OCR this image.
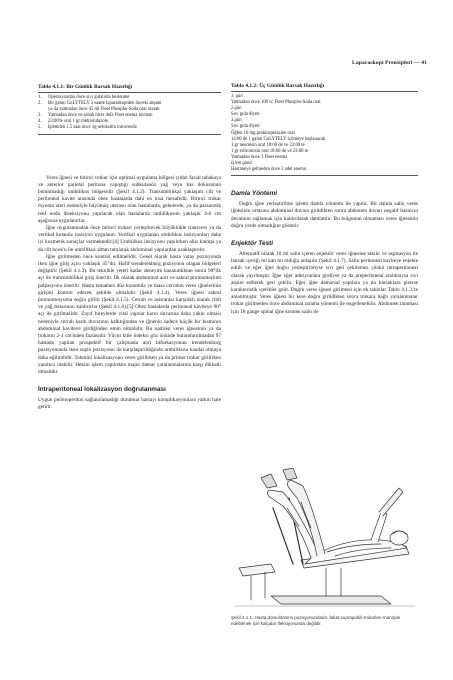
Laparaskopi Prensipleri — 41
Tablo 4.1.1: Bir Günlük Barsak Hazırlığı
1.	Operasyondan önce sıvı gıdalarla beslenme
2.	Bir galon GoLYTELY 3 saatte laparaskopiden önceki akşam
ya da yatmadan önce 45 ml Fleet Phospho-Soda oral olarak
3.	Yatmadan önce ve sabah birer defa Fleet enema lavman
4.	23:00'te oral 1 gr metronidazole
5.	İşlemden 1.5 saat önce 1g sefoksitin intravenöz

Veres iğnesi ve birinci trokar için optimal uygulama bölgesi çıldın fasial tabakaya ve anterior parietal peritona yapıştığı subkutanöz yağ veya kas dokusunun bulunmadığı umbilikus bölgesidir (Şekil 4.1.2). Transumbilikal yaklaşım cilt ve peritoneal kavite arasında obez hastalarda dahi en kısa mesafedir. Birinci trokar myoma uteri nedeniyle büyümüş uterusu olan hastalarda, gebelerde, ya da paraaortik lenf nodu diseksiyonu yapılacak olan hastalarda umbilikusun yaklaşık 4-6 cm aşağısına uygulanırlar.

İğne uygulanmadan önce birinci trokarı yerleştirecek büyüklükte transvers ya da vertikal kutanöz insizyon uygulanır. Vertikal uygulanan umbilikus insizyonları daha iyi kozmetik sonuçlar vermektedir.[4] Umbilikus insizyonu yapılırken allis klempi ya da cilt hook'u ile umbilikus alttan tutularak abdominal yapılardan uzaklaştırılır.

İğne girilmeden önce kontrol edilmelidir. Genel olarak hasta yatay pozisyonda iken iğne giriş açısı yaklaşık 45°dir. Hafif trendelenburg pozisyonu olagan bölgeleri değiştirir (Şekil 4.1.3). Bu teknikle yeteri kadar deneyim kazanıldıktan sonra 90°lik açı ile transumbilikal giriş önerilir. İlk olarak abdominal aort ve sakral promontorium palpasyonu önerilir. Hasta tamamen düz konumda ve masa cerrahın veres iğnelerinin girişini kontrol edecek şekilde olmalıdır (Şekil 4.1.4). Veres iğnesi sakral promontoryuma doğru girilir (Şekil 4.1.5). Cerrah ve asistanlar karşılıklı olarak cildi ve yağ dokusunu kaldırırlar (Şekil 4.1.6).[5] Obez hastalarda peritoneal kaviteye 90° açı ile girilmelidir. Zayıf bireylerde vital yapılar karın duvarına daha yakın olması nedeniyle cerrah karın duvarının kalktığından ve iğnenin sadece küçük bir kısmının abdominal kaviteye girdiğinden emin olmalıdır. Bu nadiren veres iğnesinin ya da trokarın 2-3 cm'inden fazlasıdır. Vücut kitle indeksi göz önünde bulundurulmadan 97 hastada yapılan prospektif bir çalışmada aort bifurkasyonun trendelenburg pozisyonunda iken supin pozisyonu ile karşılaştırıldığında umbilikusa kaudal olmaya daha eğilimlidir. Tahmini lokalizasyonu veres girilirken ya da primer trokar girilirken yanıltıcı olabilir. Hekim işlem yapılırken major damar yaralanmalarına karşı dikkatli olmalıdır.

İntraperitoneal lokalizasyon doğrulanması

Uygun pnömoperiton sağlanılamadığı durumlar hastayı komplikasyonlara yatkın hale getirir.

Tablo 4.1.2: Üç Günlük Barsak Hazırlığı
1. gün
Yatmadan önce 100 cc Fleet Phospho-Soda oral
2.gün
Sıvı gıda diyeti
3.gün
Sıvı gıda diyeti
Öğlen 10 mg.proklorperazine oral
14:00 de 1 galon GoLYTELY içilmeye başlanacak
1 gr neomisin oral 18:00 de ve 23:00 te
1 gr eritromisin oral 18:00 de ve 23:00 te
Yatmadan önce 1 Fleet enema
İşlem günü
Hastaneye gelmeden önce 2 adet enema
Damla Yöntemi

Doğru iğne yerleştirilme işlemi damla yöntemi ile yapılır. Bir damla salin veres iğnesinin ortasına abdominal duvara girildikten sonra abdomen duvarı negatif basıncın devamını sağlamak için kaldırılarak damlatılır. Bu bulgunun olmaması veres iğnesinin doğru yerde olmadığını gösterir.

Enjektör Testi

Alternatif olarak 10 ml salin içeren enjektör veres iğnesine takılır ve aspirasyon ile barsak içeriği mi kan mı olduğu anlaşılır (Şekil 4.1.7). Salin peritoneal kaviteye enjekte edilir ve eğer iğne doğru yerleştirildiyse sıvı geri çekilemez çünkü intraperitoneal olarak yayılmıştır. İğne eğer adezyonlara girdiyse ya da preperitoneal aralıktaysa sıvı aspire edilerek geri çekilir. Eğer iğne damarsal yapılara ya da barsaklara girerse karakteristik içerikler gelir. Doğru veres iğnesi girilmesi için ek tablolar Tablo 4.1.3.'te anlatılmıştır. Veres iğnesi bir kere doğru girildikten sonra trokara bağlı yaralanmalar trokar girilmeden önce abdominal tarama yöntemi ile engellenebilir. Abdomen taraması için 18 gauge spinal iğne kısmen salin ile

Şekil 4.1.1. Hasta dorsolitotomi pozisyonundadır, fakat suprapubik trokarları manüple edebilmek için kalçalar fleksiyonunda değildir.
